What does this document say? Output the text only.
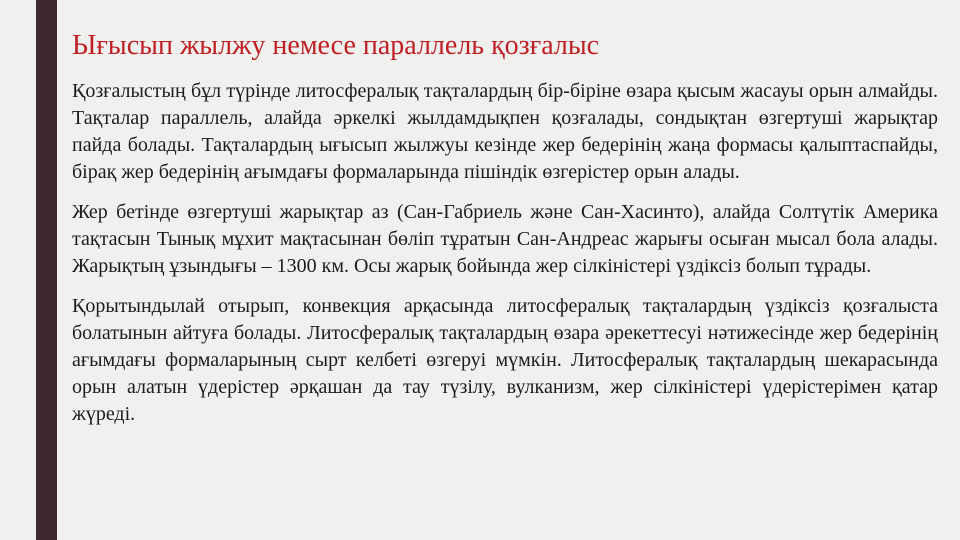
Ығысып жылжу немесе параллель қозғалыс

Қозғалыстың бұл түрінде литосфералық тақталардың бір-біріне өзара қысым жасауы орын алмайды. Тақталар параллель, алайда әркелкі жылдамдықпен қозғалады, сондықтан өзгертуші жарықтар пайда болады. Тақталардың ығысып жылжуы кезінде жер бедерінің жаңа формасы қалыптаспайды, бірақ жер бедерінің ағымдағы формаларында пішіндік өзгерістер орын алады.

Жер бетінде өзгертуші жарықтар аз (Сан-Габриель және Сан-Хасинто), алайда Солтүтік Америка тақтасын Тынық мұхит мақтасынан бөліп тұратын Сан-Андреас жарығы осыған мысал бола алады. Жарықтың ұзындығы – 1300 км. Осы жарық бойында жер сілкіністері үздіксіз болып тұрады.

Қорытындылай отырып, конвекция арқасында литосфералық тақталардың үздіксіз қозғалыста болатынын айтуға болады. Литосфералық тақталардың өзара әрекеттесуі нәтижесінде жер бедерінің ағымдағы формаларының сырт келбеті өзгеруі мүмкін. Литосфералық тақталардың шекарасында орын алатын үдерістер әрқашан да тау түзілу, вулканизм, жер сілкіністері үдерістерімен қатар жүреді.
